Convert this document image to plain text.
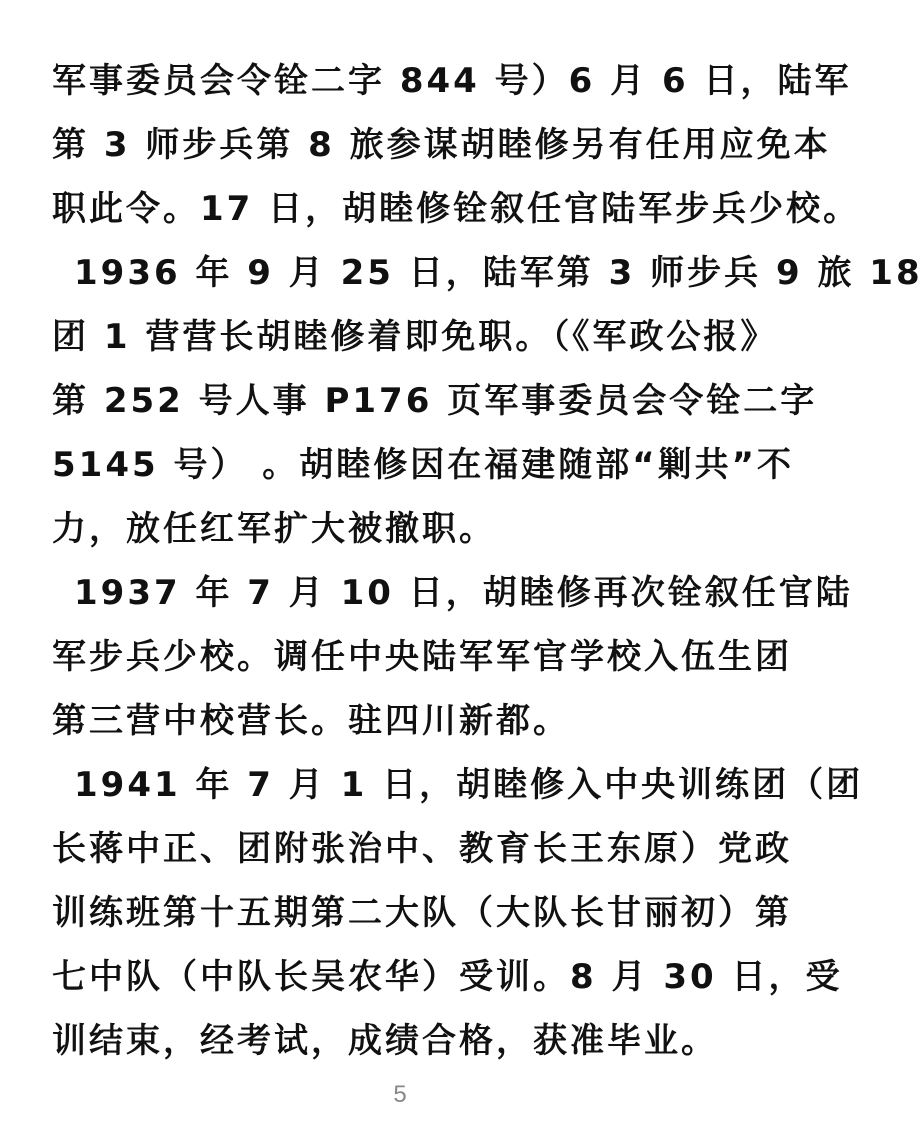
军事委员会令铨二字 844 号）6 月 6 日，陆军
第 3 师步兵第 8 旅参谋胡睦修另有任用应免本
职此令。17 日，胡睦修铨叙任官陆军步兵少校。
1936 年 9 月 25 日，陆军第 3 师步兵 9 旅 18
团 1 营营长胡睦修着即免职。（《军政公报》
第 252 号人事 P176 页军事委员会令铨二字
5145 号） 。胡睦修因在福建随部“剿共”不
力，放任红军扩大被撤职。
1937 年 7 月 10 日，胡睦修再次铨叙任官陆
军步兵少校。调任中央陆军军官学校入伍生团
第三营中校营长。驻四川新都。
1941 年 7 月 1 日，胡睦修入中央训练团（团
长蒋中正、团附张治中、教育长王东原）党政
训练班第十五期第二大队（大队长甘丽初）第
七中队（中队长吴农华）受训。8 月 30 日，受
训结束，经考试，成绩合格，获准毕业。
5
